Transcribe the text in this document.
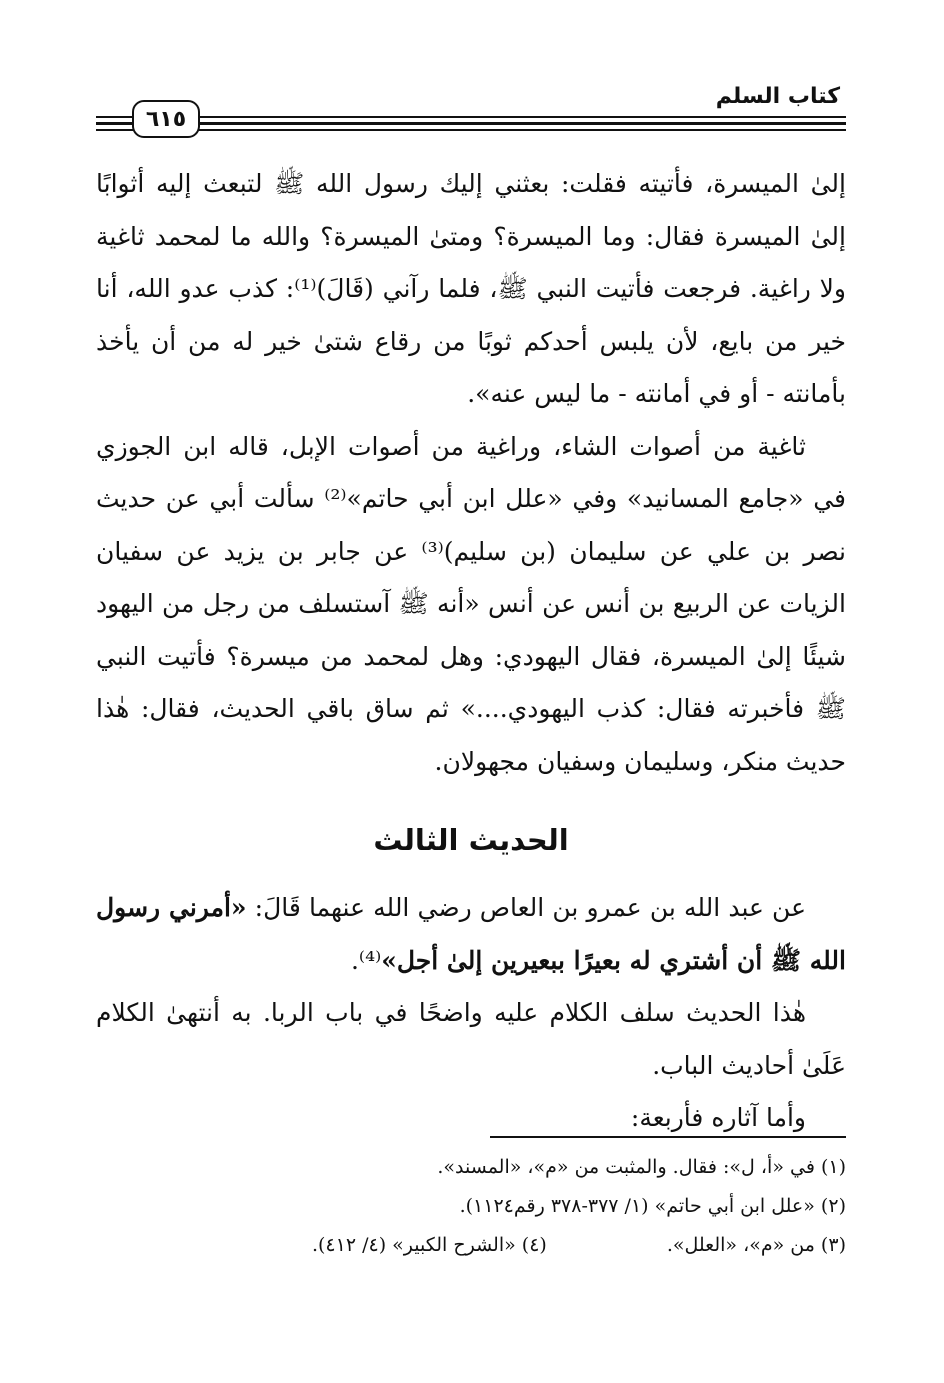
كتاب السلم
٦١٥

إلىٰ الميسرة، فأتيته فقلت: بعثني إليك رسول الله ﷺ لتبعث إليه أثوابًا إلىٰ الميسرة فقال: وما الميسرة؟ ومتىٰ الميسرة؟ والله ما لمحمد ثاغية ولا راغية. فرجعت فأتيت النبي ﷺ، فلما رآني (قَالَ)⁽¹⁾: كذب عدو الله، أنا خير من بايع، لأن يلبس أحدكم ثوبًا من رقاع شتىٰ خير له من أن يأخذ بأمانته - أو في أمانته - ما ليس عنه».

ثاغية من أصوات الشاء، وراغية من أصوات الإبل، قاله ابن الجوزي في «جامع المسانيد» وفي «علل ابن أبي حاتم»⁽²⁾ سألت أبي عن حديث نصر بن علي عن سليمان (بن سليم)⁽³⁾ عن جابر بن يزيد عن سفيان الزيات عن الربيع بن أنس عن أنس «أنه ﷺ آستسلف من رجل من اليهود شيئًا إلىٰ الميسرة، فقال اليهودي: وهل لمحمد من ميسرة؟ فأتيت النبي ﷺ فأخبرته فقال: كذب اليهودي....» ثم ساق باقي الحديث، فقال: هٰذا حديث منكر، وسليمان وسفيان مجهولان.

الحديث الثالث

عن عبد الله بن عمرو بن العاص رضي الله عنهما قَالَ: «أمرني رسول الله ﷺ أن أشتري له بعيرًا ببعيرين إلىٰ أجل»⁽⁴⁾.

هٰذا الحديث سلف الكلام عليه واضحًا في باب الربا. به أنتهىٰ الكلام عَلَىٰ أحاديث الباب.

وأما آثاره فأربعة:

(١) في «أ، ل»: فقال. والمثبت من «م»، «المسند».
(٢) «علل ابن أبي حاتم» (١/ ٣٧٧-٣٧٨ رقم١١٢٤).
(٣) من «م»، «العلل».
(٤) «الشرح الكبير» (٤/ ٤١٢).
